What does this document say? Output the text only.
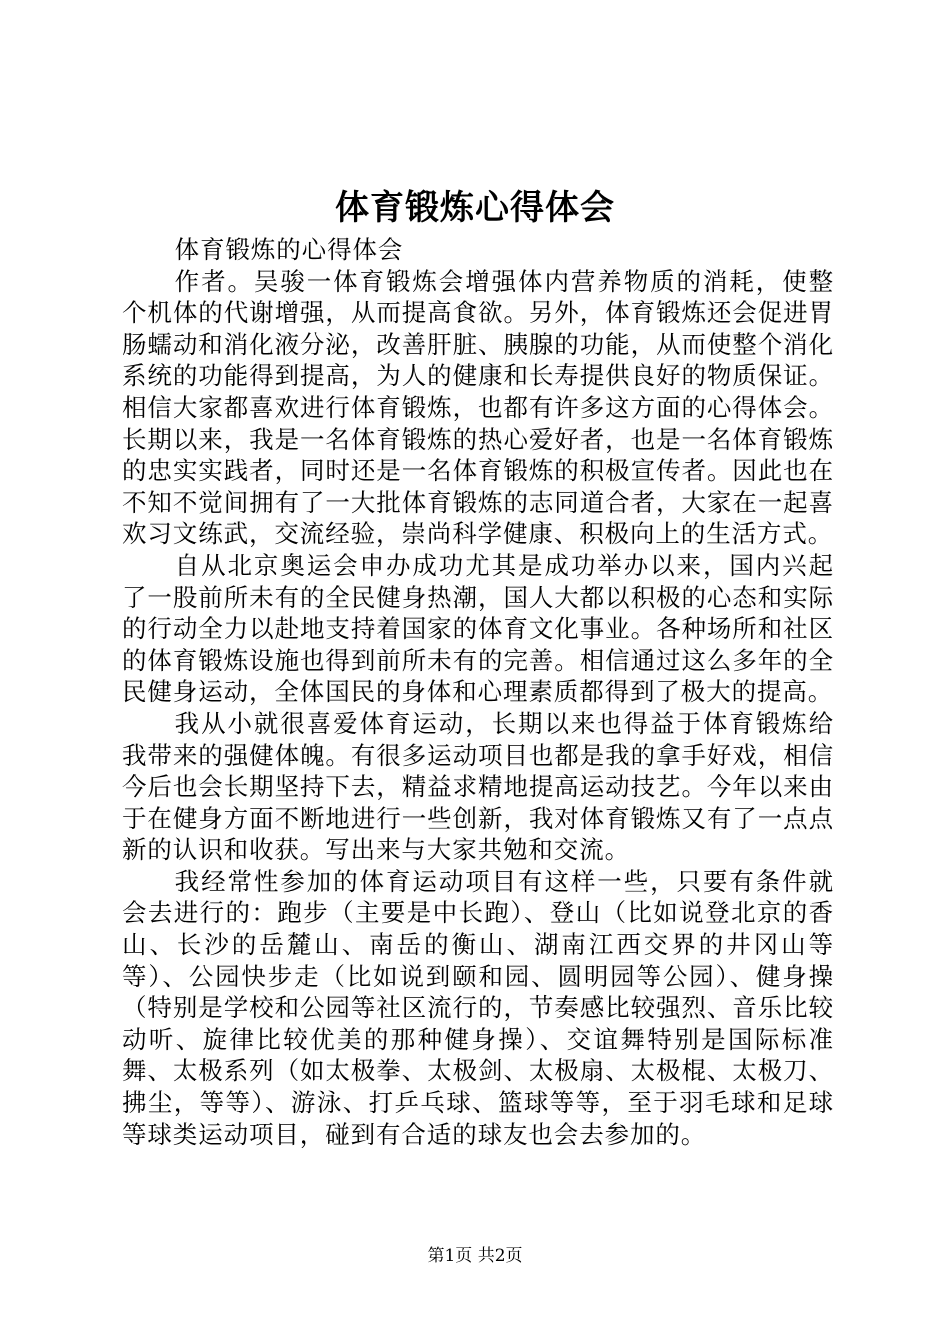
体育锻炼心得体会

体育锻炼的心得体会

作者。吴骏一体育锻炼会增强体内营养物质的消耗，使整个机体的代谢增强，从而提高食欲。另外，体育锻炼还会促进胃肠蠕动和消化液分泌，改善肝脏、胰腺的功能，从而使整个消化系统的功能得到提高，为人的健康和长寿提供良好的物质保证。相信大家都喜欢进行体育锻炼，也都有许多这方面的心得体会。长期以来，我是一名体育锻炼的热心爱好者，也是一名体育锻炼的忠实实践者，同时还是一名体育锻炼的积极宣传者。因此也在不知不觉间拥有了一大批体育锻炼的志同道合者，大家在一起喜欢习文练武，交流经验，崇尚科学健康、积极向上的生活方式。

自从北京奥运会申办成功尤其是成功举办以来，国内兴起了一股前所未有的全民健身热潮，国人大都以积极的心态和实际的行动全力以赴地支持着国家的体育文化事业。各种场所和社区的体育锻炼设施也得到前所未有的完善。相信通过这么多年的全民健身运动，全体国民的身体和心理素质都得到了极大的提高。

我从小就很喜爱体育运动，长期以来也得益于体育锻炼给我带来的强健体魄。有很多运动项目也都是我的拿手好戏，相信今后也会长期坚持下去，精益求精地提高运动技艺。今年以来由于在健身方面不断地进行一些创新，我对体育锻炼又有了一点点新的认识和收获。写出来与大家共勉和交流。

我经常性参加的体育运动项目有这样一些，只要有条件就会去进行的：跑步（主要是中长跑）、登山（比如说登北京的香山、长沙的岳麓山、南岳的衡山、湖南江西交界的井冈山等等）、公园快步走（比如说到颐和园、圆明园等公园）、健身操（特别是学校和公园等社区流行的，节奏感比较强烈、音乐比较动听、旋律比较优美的那种健身操）、交谊舞特别是国际标准舞、太极系列（如太极拳、太极剑、太极扇、太极棍、太极刀、拂尘，等等）、游泳、打乒乓球、篮球等等，至于羽毛球和足球等球类运动项目，碰到有合适的球友也会去参加的。

第1页 共2页
